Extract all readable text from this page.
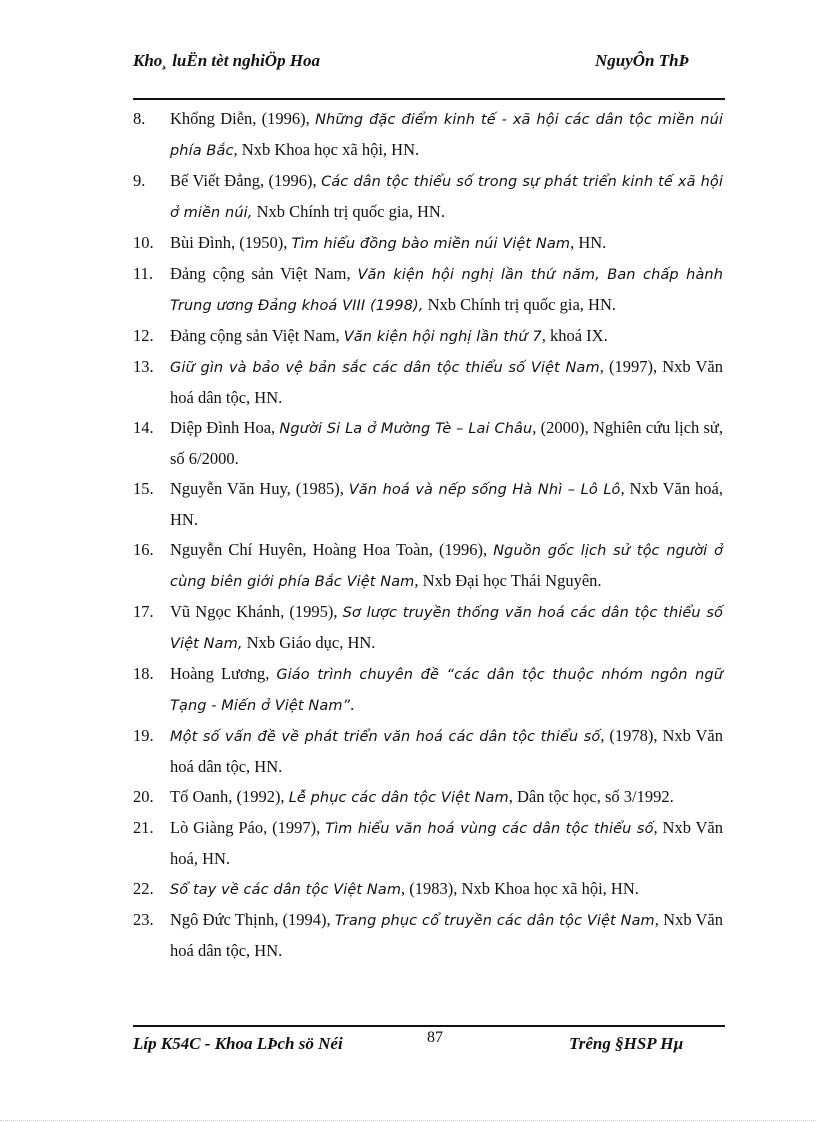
Kho¸ luËn tèt nghiÖp Hoa	NguyÔn ThÞ
8. Khổng Diễn, (1996), Những đặc điểm kinh tế - xã hội các dân tộc miền núi phía Bắc, Nxb Khoa học xã hội, HN.
9. Bế Viết Đẳng, (1996), Các dân tộc thiểu số trong sự phát triển kinh tế xã hội ở miền núi, Nxb Chính trị quốc gia, HN.
10. Bùi Đình, (1950), Tìm hiểu đồng bào miền núi Việt Nam, HN.
11. Đảng cộng sản Việt Nam, Văn kiện hội nghị lần thứ năm, Ban chấp hành Trung ương Đảng khoá VIII (1998), Nxb Chính trị quốc gia, HN.
12. Đảng cộng sản Việt Nam, Văn kiện hội nghị lần thứ 7, khoá IX.
13. Giữ gìn và bảo vệ bản sắc các dân tộc thiểu số Việt Nam, (1997), Nxb Văn hoá dân tộc, HN.
14. Diệp Đình Hoa, Người Si La ở Mường Tè – Lai Châu, (2000), Nghiên cứu lịch sử, số 6/2000.
15. Nguyễn Văn Huy, (1985), Văn hoá và nếp sống Hà Nhì – Lô Lô, Nxb Văn hoá, HN.
16. Nguyễn Chí Huyên, Hoàng Hoa Toàn, (1996), Nguồn gốc lịch sử tộc người ở cùng biên giới phía Bắc Việt Nam, Nxb Đại học Thái Nguyên.
17. Vũ Ngọc Khánh, (1995), Sơ lược truyền thống văn hoá các dân tộc thiểu số Việt Nam, Nxb Giáo dục, HN.
18. Hoàng Lương, Giáo trình chuyên đề “các dân tộc thuộc nhóm ngôn ngữ Tạng - Miến ở Việt Nam”.
19. Một số vấn đề về phát triển văn hoá các dân tộc thiểu số, (1978), Nxb Văn hoá dân tộc, HN.
20. Tố Oanh, (1992), Lễ phục các dân tộc Việt Nam, Dân tộc học, số 3/1992.
21. Lò Giàng Páo, (1997), Tìm hiểu văn hoá vùng các dân tộc thiểu số, Nxb Văn hoá, HN.
22. Sổ tay về các dân tộc Việt Nam, (1983), Nxb Khoa học xã hội, HN.
23. Ngô Đức Thịnh, (1994), Trang phục cổ truyền các dân tộc Việt Nam, Nxb Văn hoá dân tộc, HN.
Líp K54C - Khoa LÞch sö Néi	87	Trêng §HSP Hµ
